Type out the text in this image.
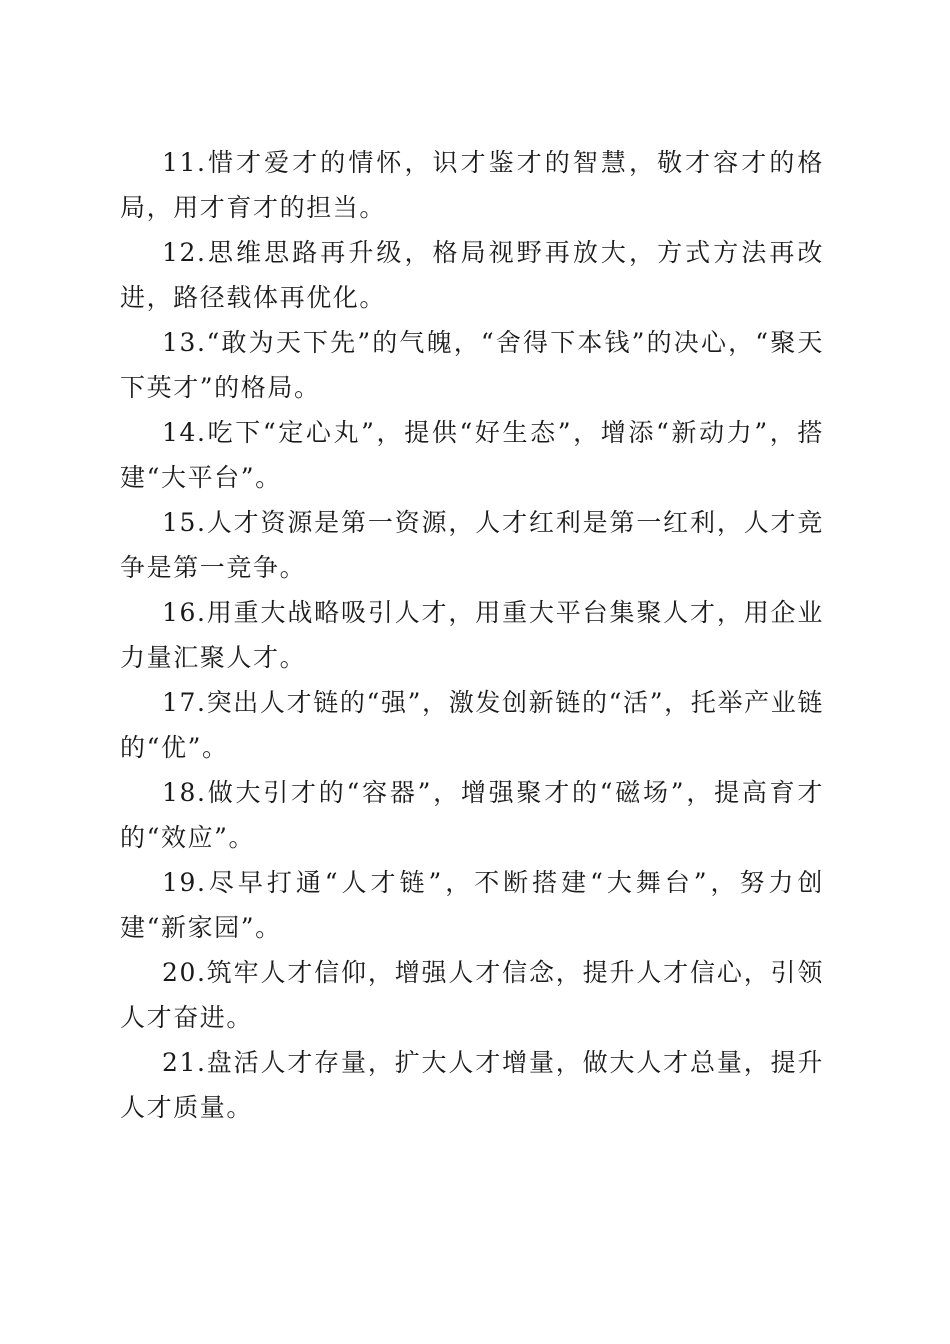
11.惜才爱才的情怀，识才鉴才的智慧，敬才容才的格局，用才育才的担当。

12.思维思路再升级，格局视野再放大，方式方法再改进，路径载体再优化。

13.“敢为天下先”的气魄，“舍得下本钱”的决心，“聚天下英才”的格局。

14.吃下“定心丸”，提供“好生态”，增添“新动力”，搭建“大平台”。

15.人才资源是第一资源，人才红利是第一红利，人才竞争是第一竞争。

16.用重大战略吸引人才，用重大平台集聚人才，用企业力量汇聚人才。

17.突出人才链的“强”，激发创新链的“活”，托举产业链的“优”。

18.做大引才的“容器”，增强聚才的“磁场”，提高育才的“效应”。

19.尽早打通“人才链”，不断搭建“大舞台”，努力创建“新家园”。

20.筑牢人才信仰，增强人才信念，提升人才信心，引领人才奋进。

21.盘活人才存量，扩大人才增量，做大人才总量，提升人才质量。
